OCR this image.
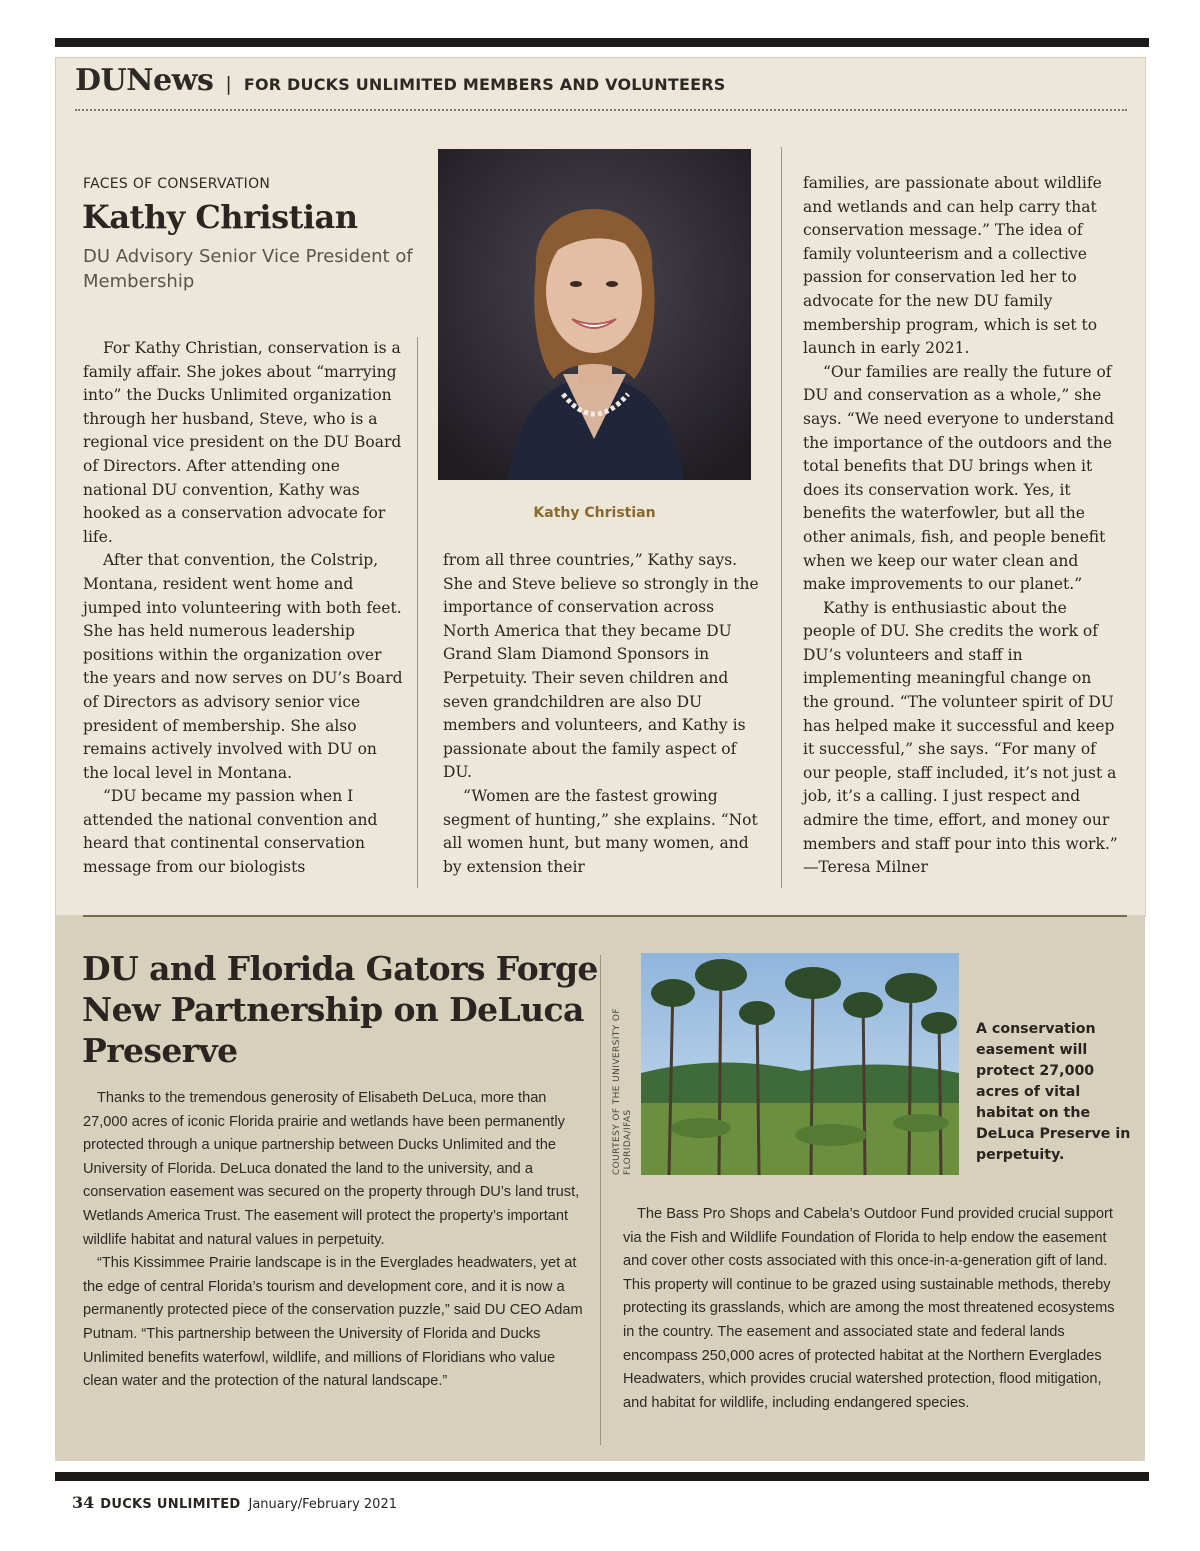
DUNews | FOR DUCKS UNLIMITED MEMBERS AND VOLUNTEERS
FACES OF CONSERVATION
Kathy Christian
DU Advisory Senior Vice President of Membership

For Kathy Christian, conservation is a family affair. She jokes about “marrying into” the Ducks Unlimited organization through her husband, Steve, who is a regional vice president on the DU Board of Directors. After attending one national DU convention, Kathy was hooked as a conservation advocate for life.

After that convention, the Colstrip, Montana, resident went home and jumped into volunteering with both feet. She has held numerous leadership positions within the organization over the years and now serves on DU’s Board of Directors as advisory senior vice president of membership. She also remains actively involved with DU on the local level in Montana.

“DU became my passion when I attended the national convention and heard that continental conservation message from our biologists

Kathy Christian

from all three countries,” Kathy says. She and Steve believe so strongly in the importance of conservation across North America that they became DU Grand Slam Diamond Sponsors in Perpetuity. Their seven children and seven grandchildren are also DU members and volunteers, and Kathy is passionate about the family aspect of DU.

“Women are the fastest growing segment of hunting,” she explains. “Not all women hunt, but many women, and by extension their

families, are passionate about wildlife and wetlands and can help carry that conservation message.” The idea of family volunteerism and a collective passion for conservation led her to advocate for the new DU family membership program, which is set to launch in early 2021.

“Our families are really the future of DU and conservation as a whole,” she says. “We need everyone to understand the importance of the outdoors and the total benefits that DU brings when it does its conservation work. Yes, it benefits the waterfowler, but all the other animals, fish, and people benefit when we keep our water clean and make improvements to our planet.”

Kathy is enthusiastic about the people of DU. She credits the work of DU’s volunteers and staff in implementing meaningful change on the ground. “The volunteer spirit of DU has helped make it successful and keep it successful,” she says. “For many of our people, staff included, it’s not just a job, it’s a calling. I just respect and admire the time, effort, and money our members and staff pour into this work.” —Teresa Milner

DU and Florida Gators Forge New Partnership on DeLuca Preserve

Thanks to the tremendous generosity of Elisabeth DeLuca, more than 27,000 acres of iconic Florida prairie and wetlands have been permanently protected through a unique partnership between Ducks Unlimited and the University of Florida. DeLuca donated the land to the university, and a conservation easement was secured on the property through DU’s land trust, Wetlands America Trust. The easement will protect the property’s important wildlife habitat and natural values in perpetuity.

“This Kissimmee Prairie landscape is in the Everglades headwaters, yet at the edge of central Florida’s tourism and development core, and it is now a permanently protected piece of the conservation puzzle,” said DU CEO Adam Putnam. “This partnership between the University of Florida and Ducks Unlimited benefits waterfowl, wildlife, and millions of Floridians who value clean water and the protection of the natural landscape.”

COURTESY OF THE UNIVERSITY OF FLORIDA/IFAS
A conservation easement will protect 27,000 acres of vital habitat on the DeLuca Preserve in perpetuity.

The Bass Pro Shops and Cabela’s Outdoor Fund provided crucial support via the Fish and Wildlife Foundation of Florida to help endow the easement and cover other costs associated with this once-in-a-generation gift of land. This property will continue to be grazed using sustainable methods, thereby protecting its grasslands, which are among the most threatened ecosystems in the country. The easement and associated state and federal lands encompass 250,000 acres of protected habitat at the Northern Everglades Headwaters, which provides crucial watershed protection, flood mitigation, and habitat for wildlife, including endangered species.

34 DUCKS UNLIMITED January/February 2021
